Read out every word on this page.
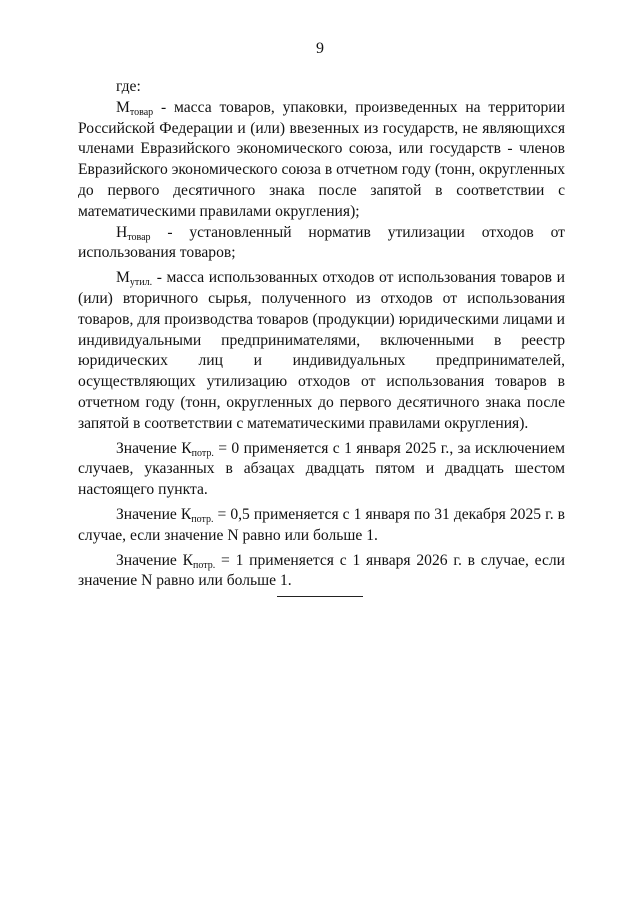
9

где:

$М_{товар}$ - масса товаров, упаковки, произведенных на территории Российской Федерации и (или) ввезенных из государств, не являющихся членами Евразийского экономического союза, или государств - членов Евразийского экономического союза в отчетном году (тонн, округленных до первого десятичного знака после запятой в соответствии с математическими правилами округления);

$Н_{товар}$ - установленный норматив утилизации отходов от использования товаров;

$М_{утил.}$ - масса использованных отходов от использования товаров и (или) вторичного сырья, полученного из отходов от использования товаров, для производства товаров (продукции) юридическими лицами и индивидуальными предпринимателями, включенными в реестр юридических лиц и индивидуальных предпринимателей, осуществляющих утилизацию отходов от использования товаров в отчетном году (тонн, округленных до первого десятичного знака после запятой в соответствии с математическими правилами округления).

Значение $К_{потр.} = 0$ применяется с 1 января 2025 г., за исключением случаев, указанных в абзацах двадцать пятом и двадцать шестом настоящего пункта.

Значение $К_{потр.} = 0,5$ применяется с 1 января по 31 декабря 2025 г. в случае, если значение N равно или больше 1.

Значение $К_{потр.} = 1$ применяется с 1 января 2026 г. в случае, если значение N равно или больше 1.
